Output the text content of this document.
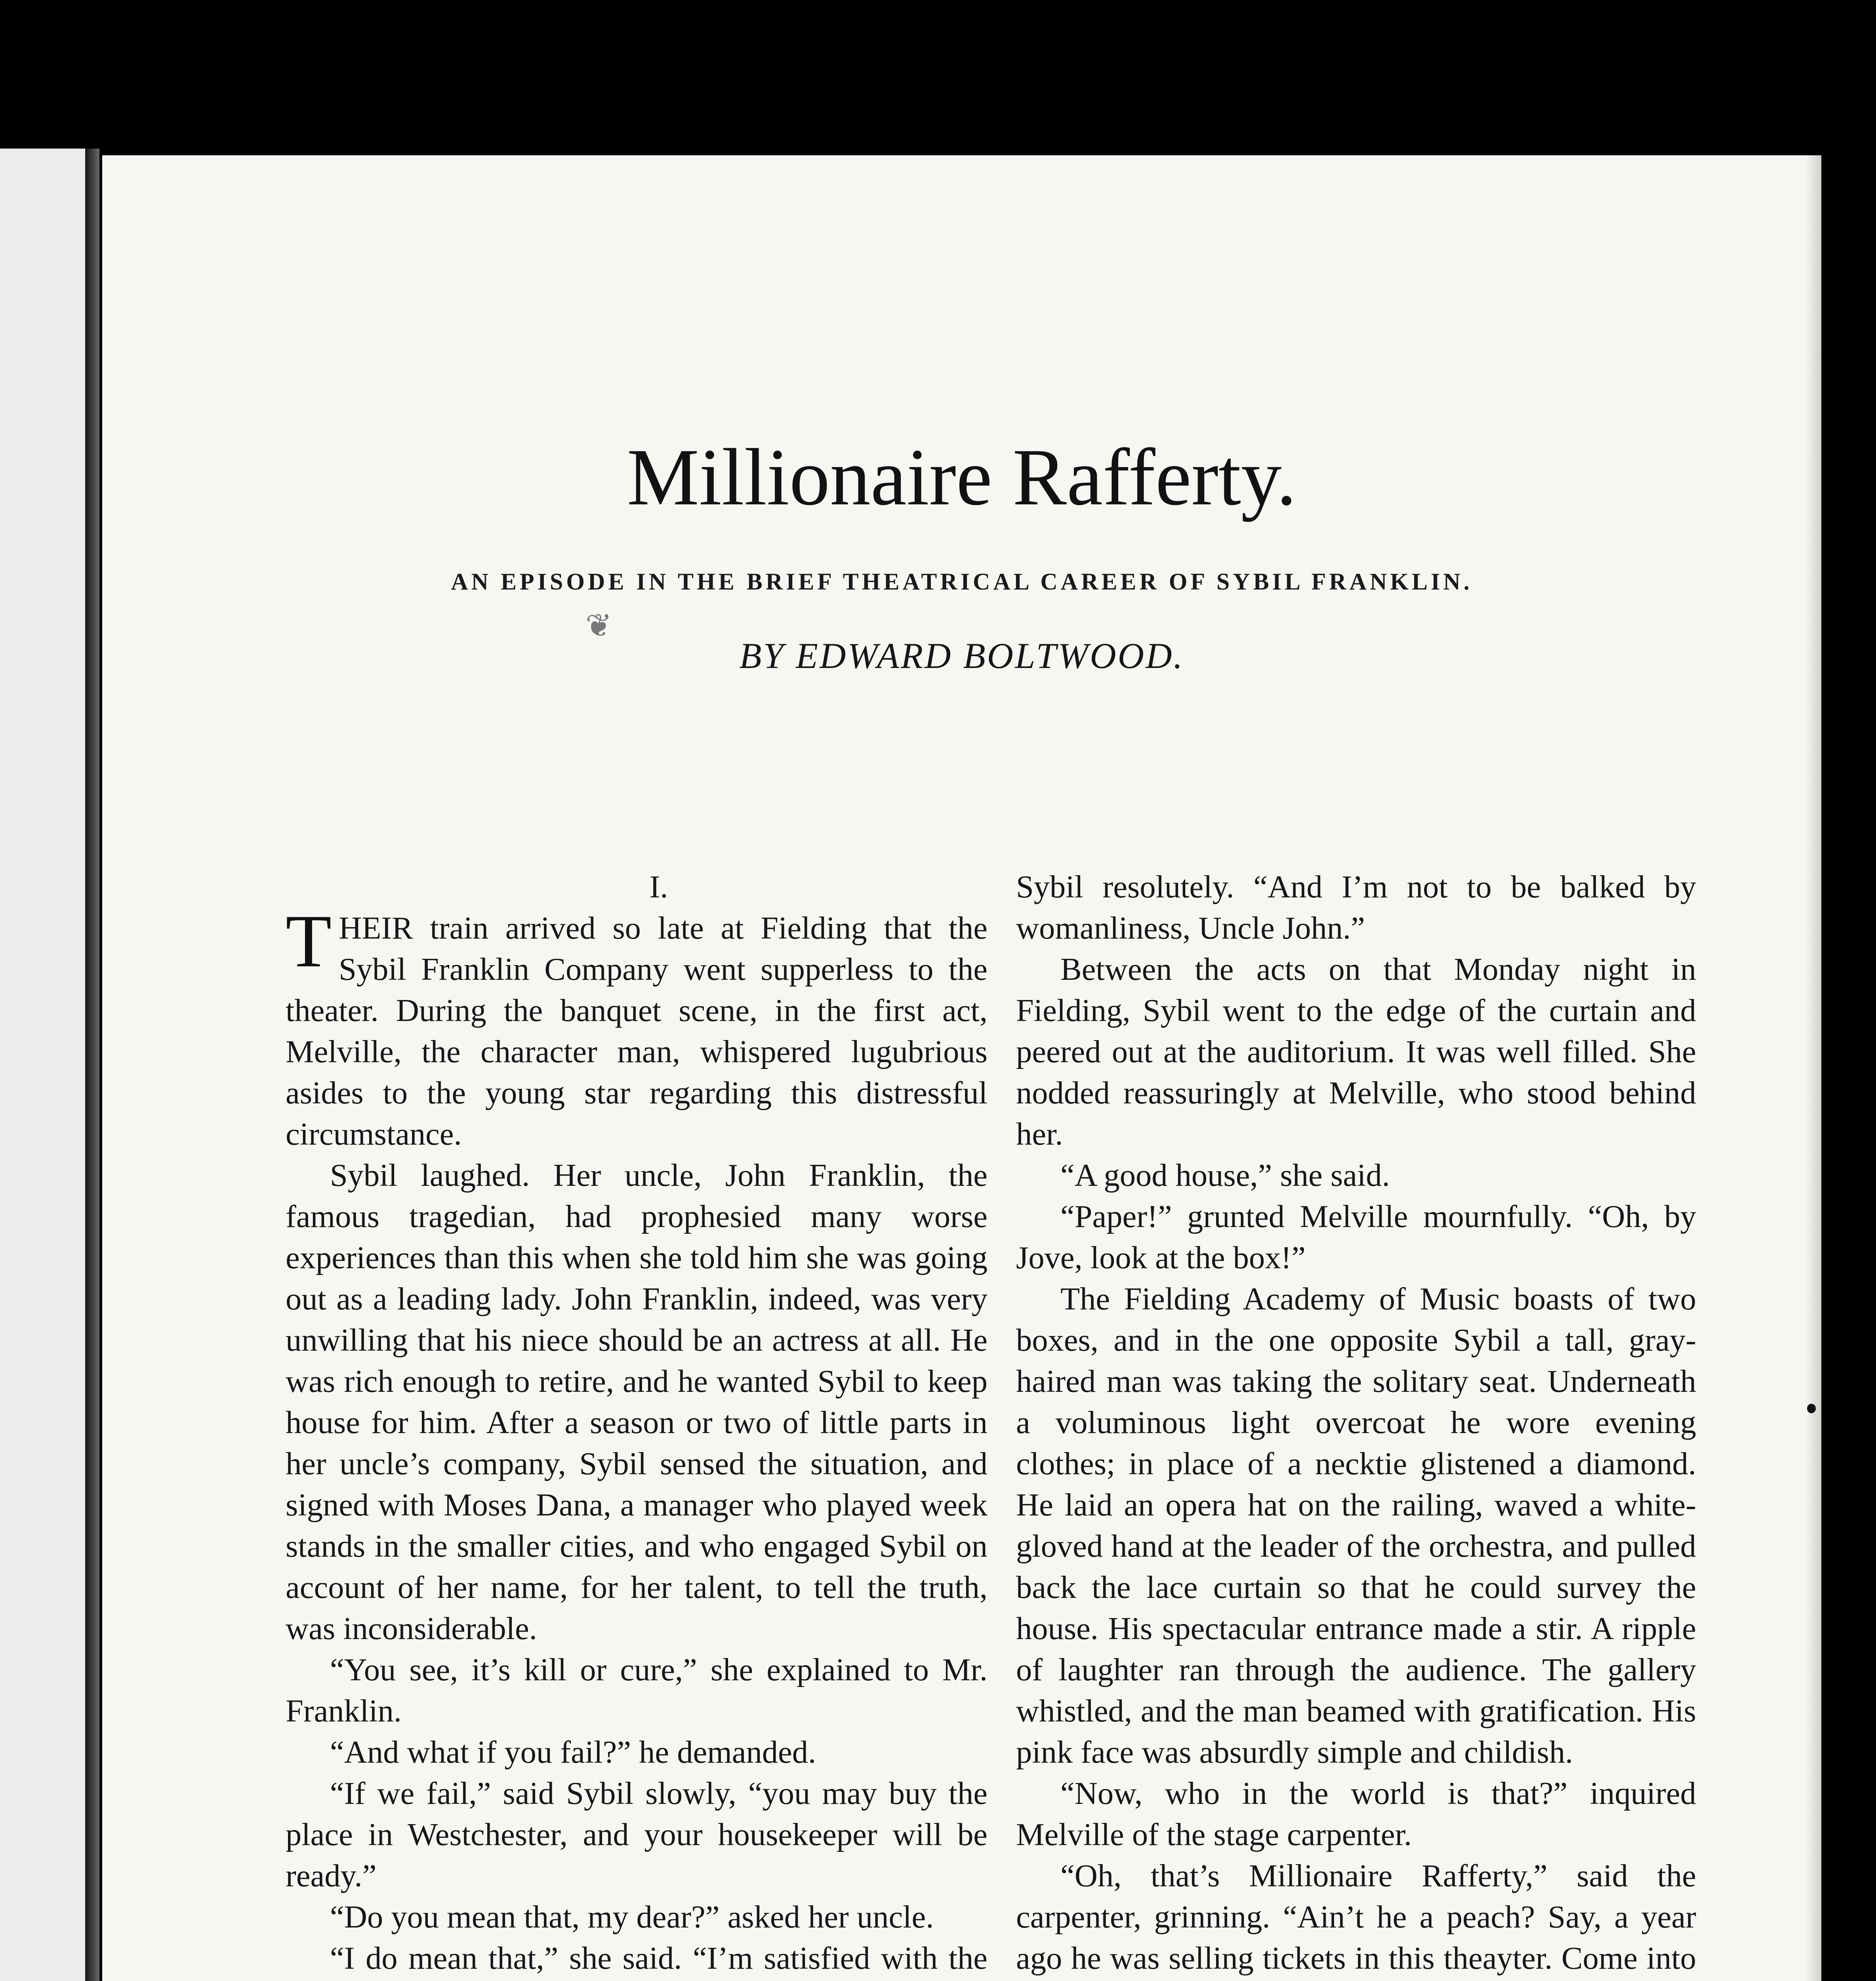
Millionaire Rafferty.
AN EPISODE IN THE BRIEF THEATRICAL CAREER OF SYBIL FRANKLIN.
❦
BY EDWARD BOLTWOOD.

I.

THEIR train arrived so late at Fielding that the Sybil Franklin Company went supperless to the theater. During the banquet scene, in the first act, Melville, the character man, whispered lugubrious asides to the young star regarding this distressful circumstance.

Sybil laughed. Her uncle, John Franklin, the famous tragedian, had prophesied many worse experiences than this when she told him she was going out as a leading lady. John Franklin, indeed, was very unwilling that his niece should be an actress at all. He was rich enough to retire, and he wanted Sybil to keep house for him. After a season or two of little parts in her uncle’s company, Sybil sensed the situation, and signed with Moses Dana, a manager who played week stands in the smaller cities, and who engaged Sybil on account of her name, for her talent, to tell the truth, was inconsiderable.

“You see, it’s kill or cure,” she explained to Mr. Franklin.

“And what if you fail?” he demanded.

“If we fail,” said Sybil slowly, “you may buy the place in Westchester, and your housekeeper will be ready.”

“Do you mean that, my dear?” asked her uncle.

“I do mean that,” she said. “I’m satisfied with the

Sybil resolutely. “And I’m not to be balked by womanliness, Uncle John.”

Between the acts on that Monday night in Fielding, Sybil went to the edge of the curtain and peered out at the auditorium. It was well filled. She nodded reassuringly at Melville, who stood behind her.

“A good house,” she said.

“Paper!” grunted Melville mournfully. “Oh, by Jove, look at the box!”

The Fielding Academy of Music boasts of two boxes, and in the one opposite Sybil a tall, gray-haired man was taking the solitary seat. Underneath a voluminous light overcoat he wore evening clothes; in place of a necktie glistened a diamond. He laid an opera hat on the railing, waved a white-gloved hand at the leader of the orchestra, and pulled back the lace curtain so that he could survey the house. His spectacular entrance made a stir. A ripple of laughter ran through the audience. The gallery whistled, and the man beamed with gratification. His pink face was absurdly simple and childish.

“Now, who in the world is that?” inquired Melville of the stage carpenter.

“Oh, that’s Millionaire Rafferty,” said the carpenter, grinning. “Ain’t he a peach? Say, a year ago he was selling tickets in this theayter. Come into
